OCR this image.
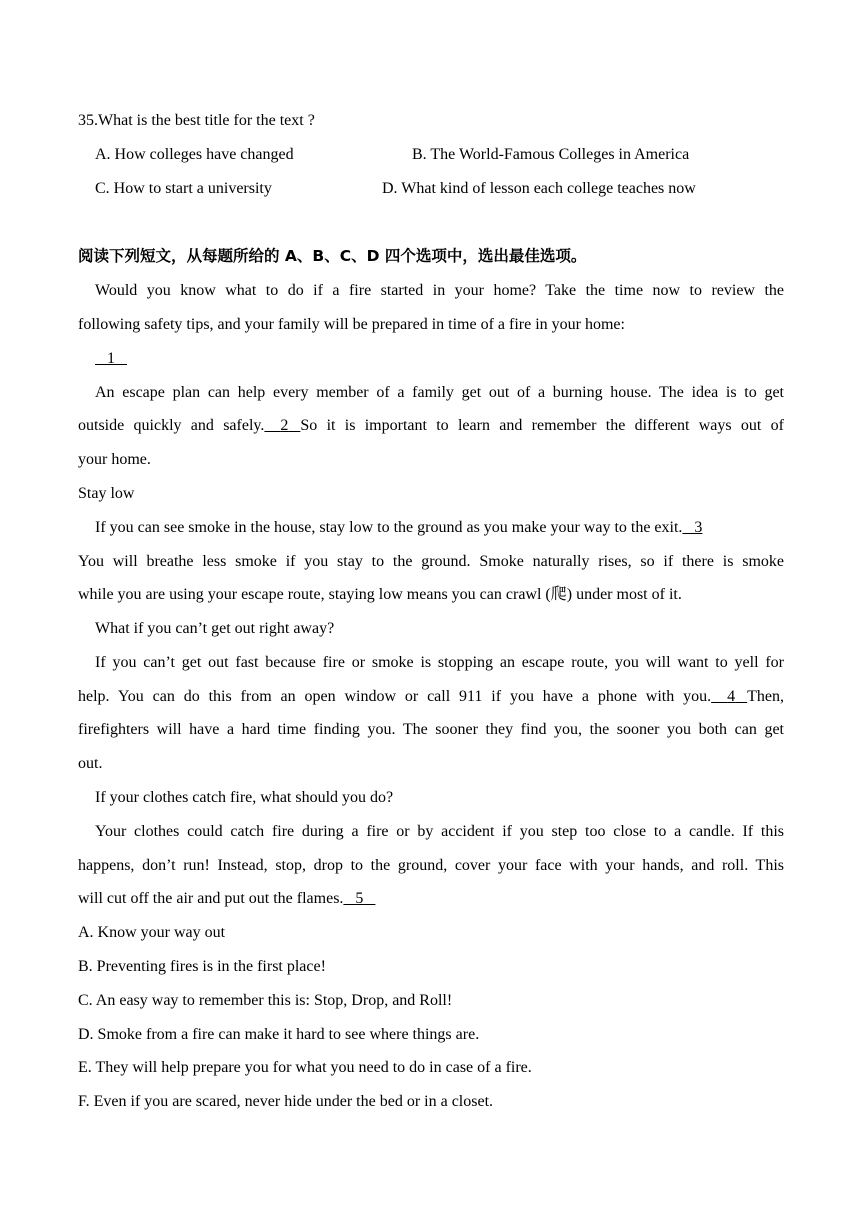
35.What is the best title for the text ?
A. How colleges have changed	B. The World-Famous Colleges in America
C. How to start a university	D. What kind of lesson each college teaches now
阅读下列短文，从每题所给的 A、B、C、D 四个选项中，选出最佳选项。
Would you know what to do if a fire started in your home? Take the time now to review the
following safety tips, and your family will be prepared in time of a fire in your home:
1
An escape plan can help every member of a family get out of a burning house. The idea is to get
outside quickly and safely. 2 So it is important to learn and remember the different ways out of
your home.
Stay low
If you can see smoke in the house, stay low to the ground as you make your way to the exit. 3
You will breathe less smoke if you stay to the ground. Smoke naturally rises, so if there is smoke
while you are using your escape route, staying low means you can crawl (爬) under most of it.
What if you can’t get out right away?
If you can’t get out fast because fire or smoke is stopping an escape route, you will want to yell for
help. You can do this from an open window or call 911 if you have a phone with you. 4 Then,
firefighters will have a hard time finding you. The sooner they find you, the sooner you both can get
out.
If your clothes catch fire, what should you do?
Your clothes could catch fire during a fire or by accident if you step too close to a candle. If this
happens, don’t run! Instead, stop, drop to the ground, cover your face with your hands, and roll. This
will cut off the air and put out the flames. 5
A. Know your way out
B. Preventing fires is in the first place!
C. An easy way to remember this is: Stop, Drop, and Roll!
D. Smoke from a fire can make it hard to see where things are.
E. They will help prepare you for what you need to do in case of a fire.
F. Even if you are scared, never hide under the bed or in a closet.
